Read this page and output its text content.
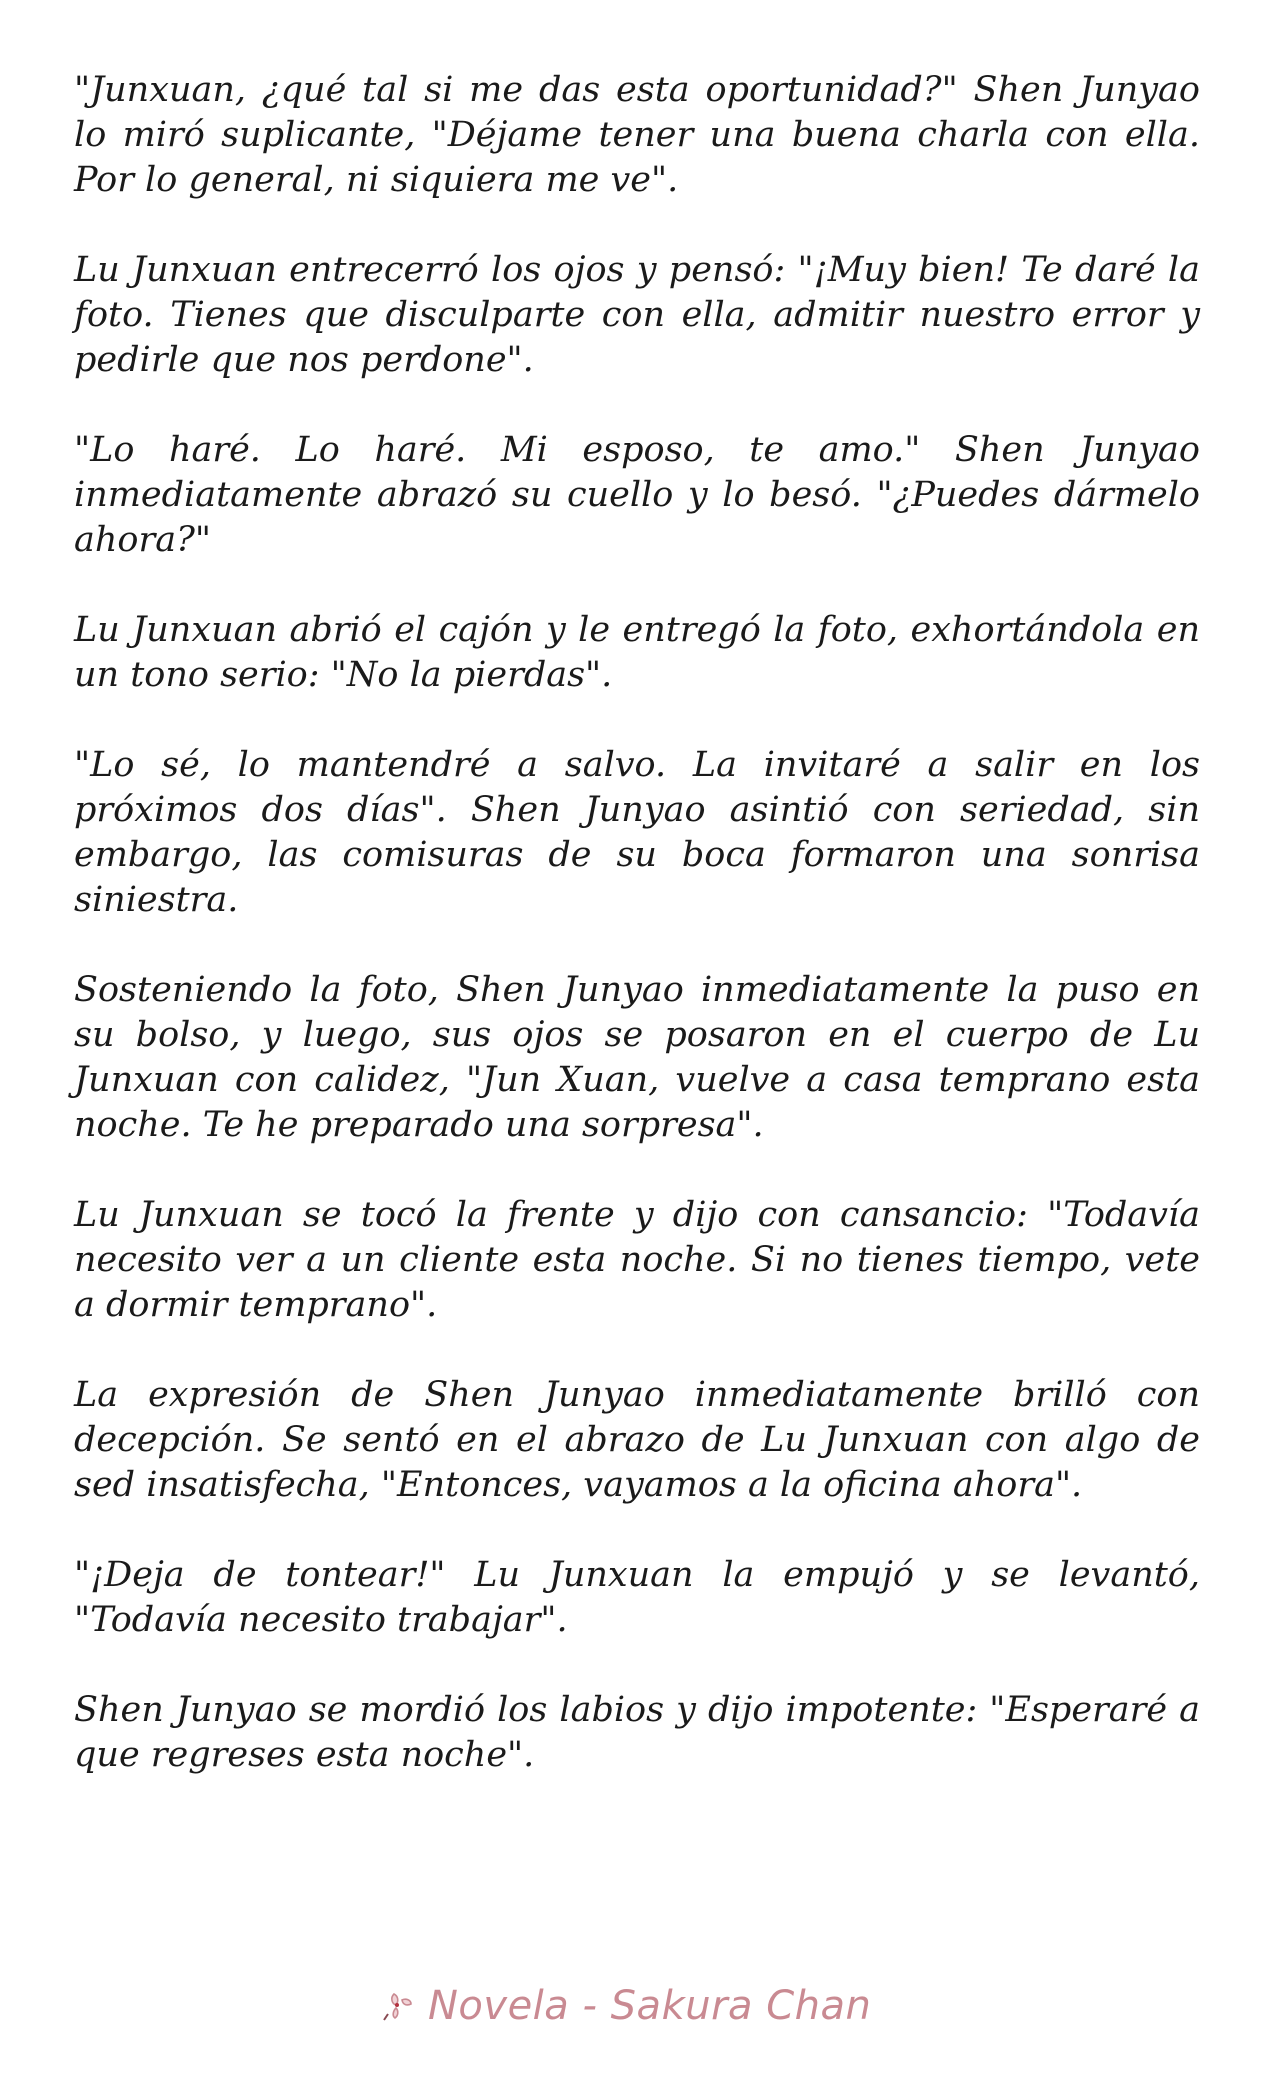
"Junxuan, ¿qué tal si me das esta oportunidad?" Shen Junyao lo miró suplicante, "Déjame tener una buena charla con ella. Por lo general, ni siquiera me ve".

Lu Junxuan entrecerró los ojos y pensó: "¡Muy bien! Te daré la foto. Tienes que disculparte con ella, admitir nuestro error y pedirle que nos perdone".

"Lo haré. Lo haré. Mi esposo, te amo." Shen Junyao inmediatamente abrazó su cuello y lo besó. "¿Puedes dármelo ahora?"

Lu Junxuan abrió el cajón y le entregó la foto, exhortándola en un tono serio: "No la pierdas".

"Lo sé, lo mantendré a salvo. La invitaré a salir en los próximos dos días". Shen Junyao asintió con seriedad, sin embargo, las comisuras de su boca formaron una sonrisa siniestra.

Sosteniendo la foto, Shen Junyao inmediatamente la puso en su bolso, y luego, sus ojos se posaron en el cuerpo de Lu Junxuan con calidez, "Jun Xuan, vuelve a casa temprano esta noche. Te he preparado una sorpresa".

Lu Junxuan se tocó la frente y dijo con cansancio: "Todavía necesito ver a un cliente esta noche. Si no tienes tiempo, vete a dormir temprano".

La expresión de Shen Junyao inmediatamente brilló con decepción. Se sentó en el abrazo de Lu Junxuan con algo de sed insatisfecha, "Entonces, vayamos a la oficina ahora".

"¡Deja de tontear!" Lu Junxuan la empujó y se levantó, "Todavía necesito trabajar".

Shen Junyao se mordió los labios y dijo impotente: "Esperaré a que regreses esta noche".

Novela - Sakura Chan
